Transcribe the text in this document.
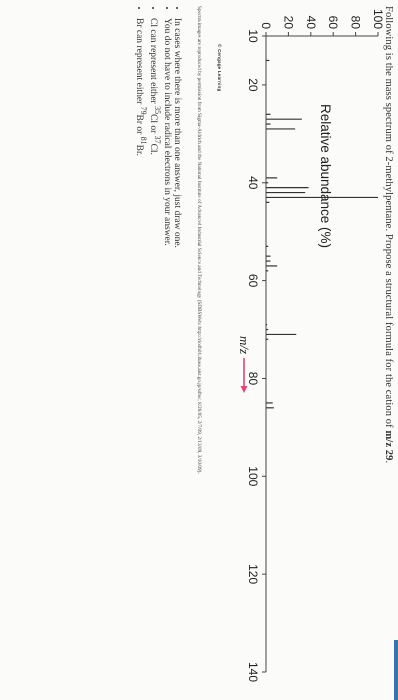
Following is the mass spectrum of 2-methylpentane. Propose a structural formula for the cation of m/z 29.
0 20 40 60 80 100
10
20
40
60
80
100
120
140
Relative abundance (%)
m/z
© Cengage Learning
Spectra images are reproduced by permission from Sigma-Aldrich and the National Institute of Advanced Industrial Science and Technology (SDBSWeb: http://riodb01.ibase.aist.go.jp/sdbs/, 8/26/05, 2/7/09, 2/13/09, 3/10/09).
• In cases where there is more than one answer, just draw one.
• You do not have to include radical electrons in your answer.
• Cl can represent either $^{35}$Cl or $^{37}$Cl.
• Br can represent either $^{79}$Br or $^{81}$Br.
